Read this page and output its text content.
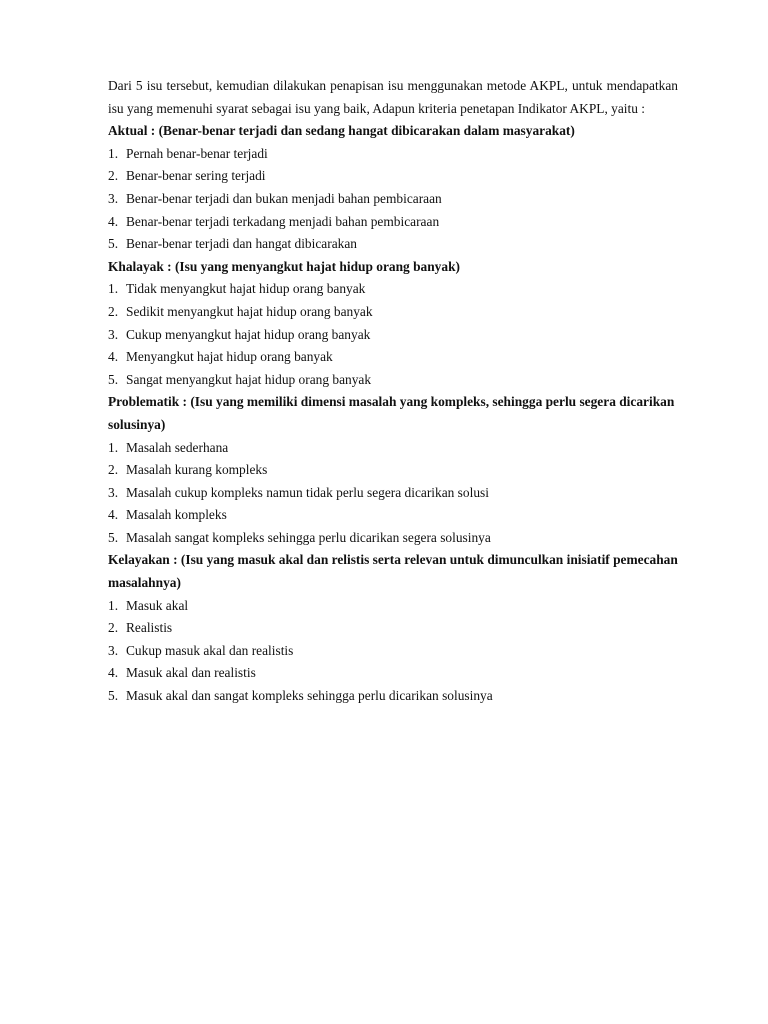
Dari 5 isu tersebut, kemudian dilakukan penapisan isu menggunakan metode AKPL, untuk mendapatkan isu yang memenuhi syarat sebagai isu yang baik, Adapun kriteria penetapan Indikator AKPL, yaitu :

Aktual : (Benar-benar terjadi dan sedang hangat dibicarakan dalam masyarakat)

1. Pernah benar-benar terjadi
2. Benar-benar sering terjadi
3. Benar-benar terjadi dan bukan menjadi bahan pembicaraan
4. Benar-benar terjadi terkadang menjadi bahan pembicaraan
5. Benar-benar terjadi dan hangat dibicarakan

Khalayak : (Isu yang menyangkut hajat hidup orang banyak)

1. Tidak menyangkut hajat hidup orang banyak
2. Sedikit menyangkut hajat hidup orang banyak
3. Cukup menyangkut hajat hidup orang banyak
4. Menyangkut hajat hidup orang banyak
5. Sangat menyangkut hajat hidup orang banyak

Problematik : (Isu yang memiliki dimensi masalah yang kompleks, sehingga perlu segera dicarikan solusinya)

1. Masalah sederhana
2. Masalah kurang kompleks
3. Masalah cukup kompleks namun tidak perlu segera dicarikan solusi
4. Masalah kompleks
5. Masalah sangat kompleks sehingga perlu dicarikan segera solusinya

Kelayakan : (Isu yang masuk akal dan relistis serta relevan untuk dimunculkan inisiatif pemecahan masalahnya)

1. Masuk akal
2. Realistis
3. Cukup masuk akal dan realistis
4. Masuk akal dan realistis
5. Masuk akal dan sangat kompleks sehingga perlu dicarikan solusinya
